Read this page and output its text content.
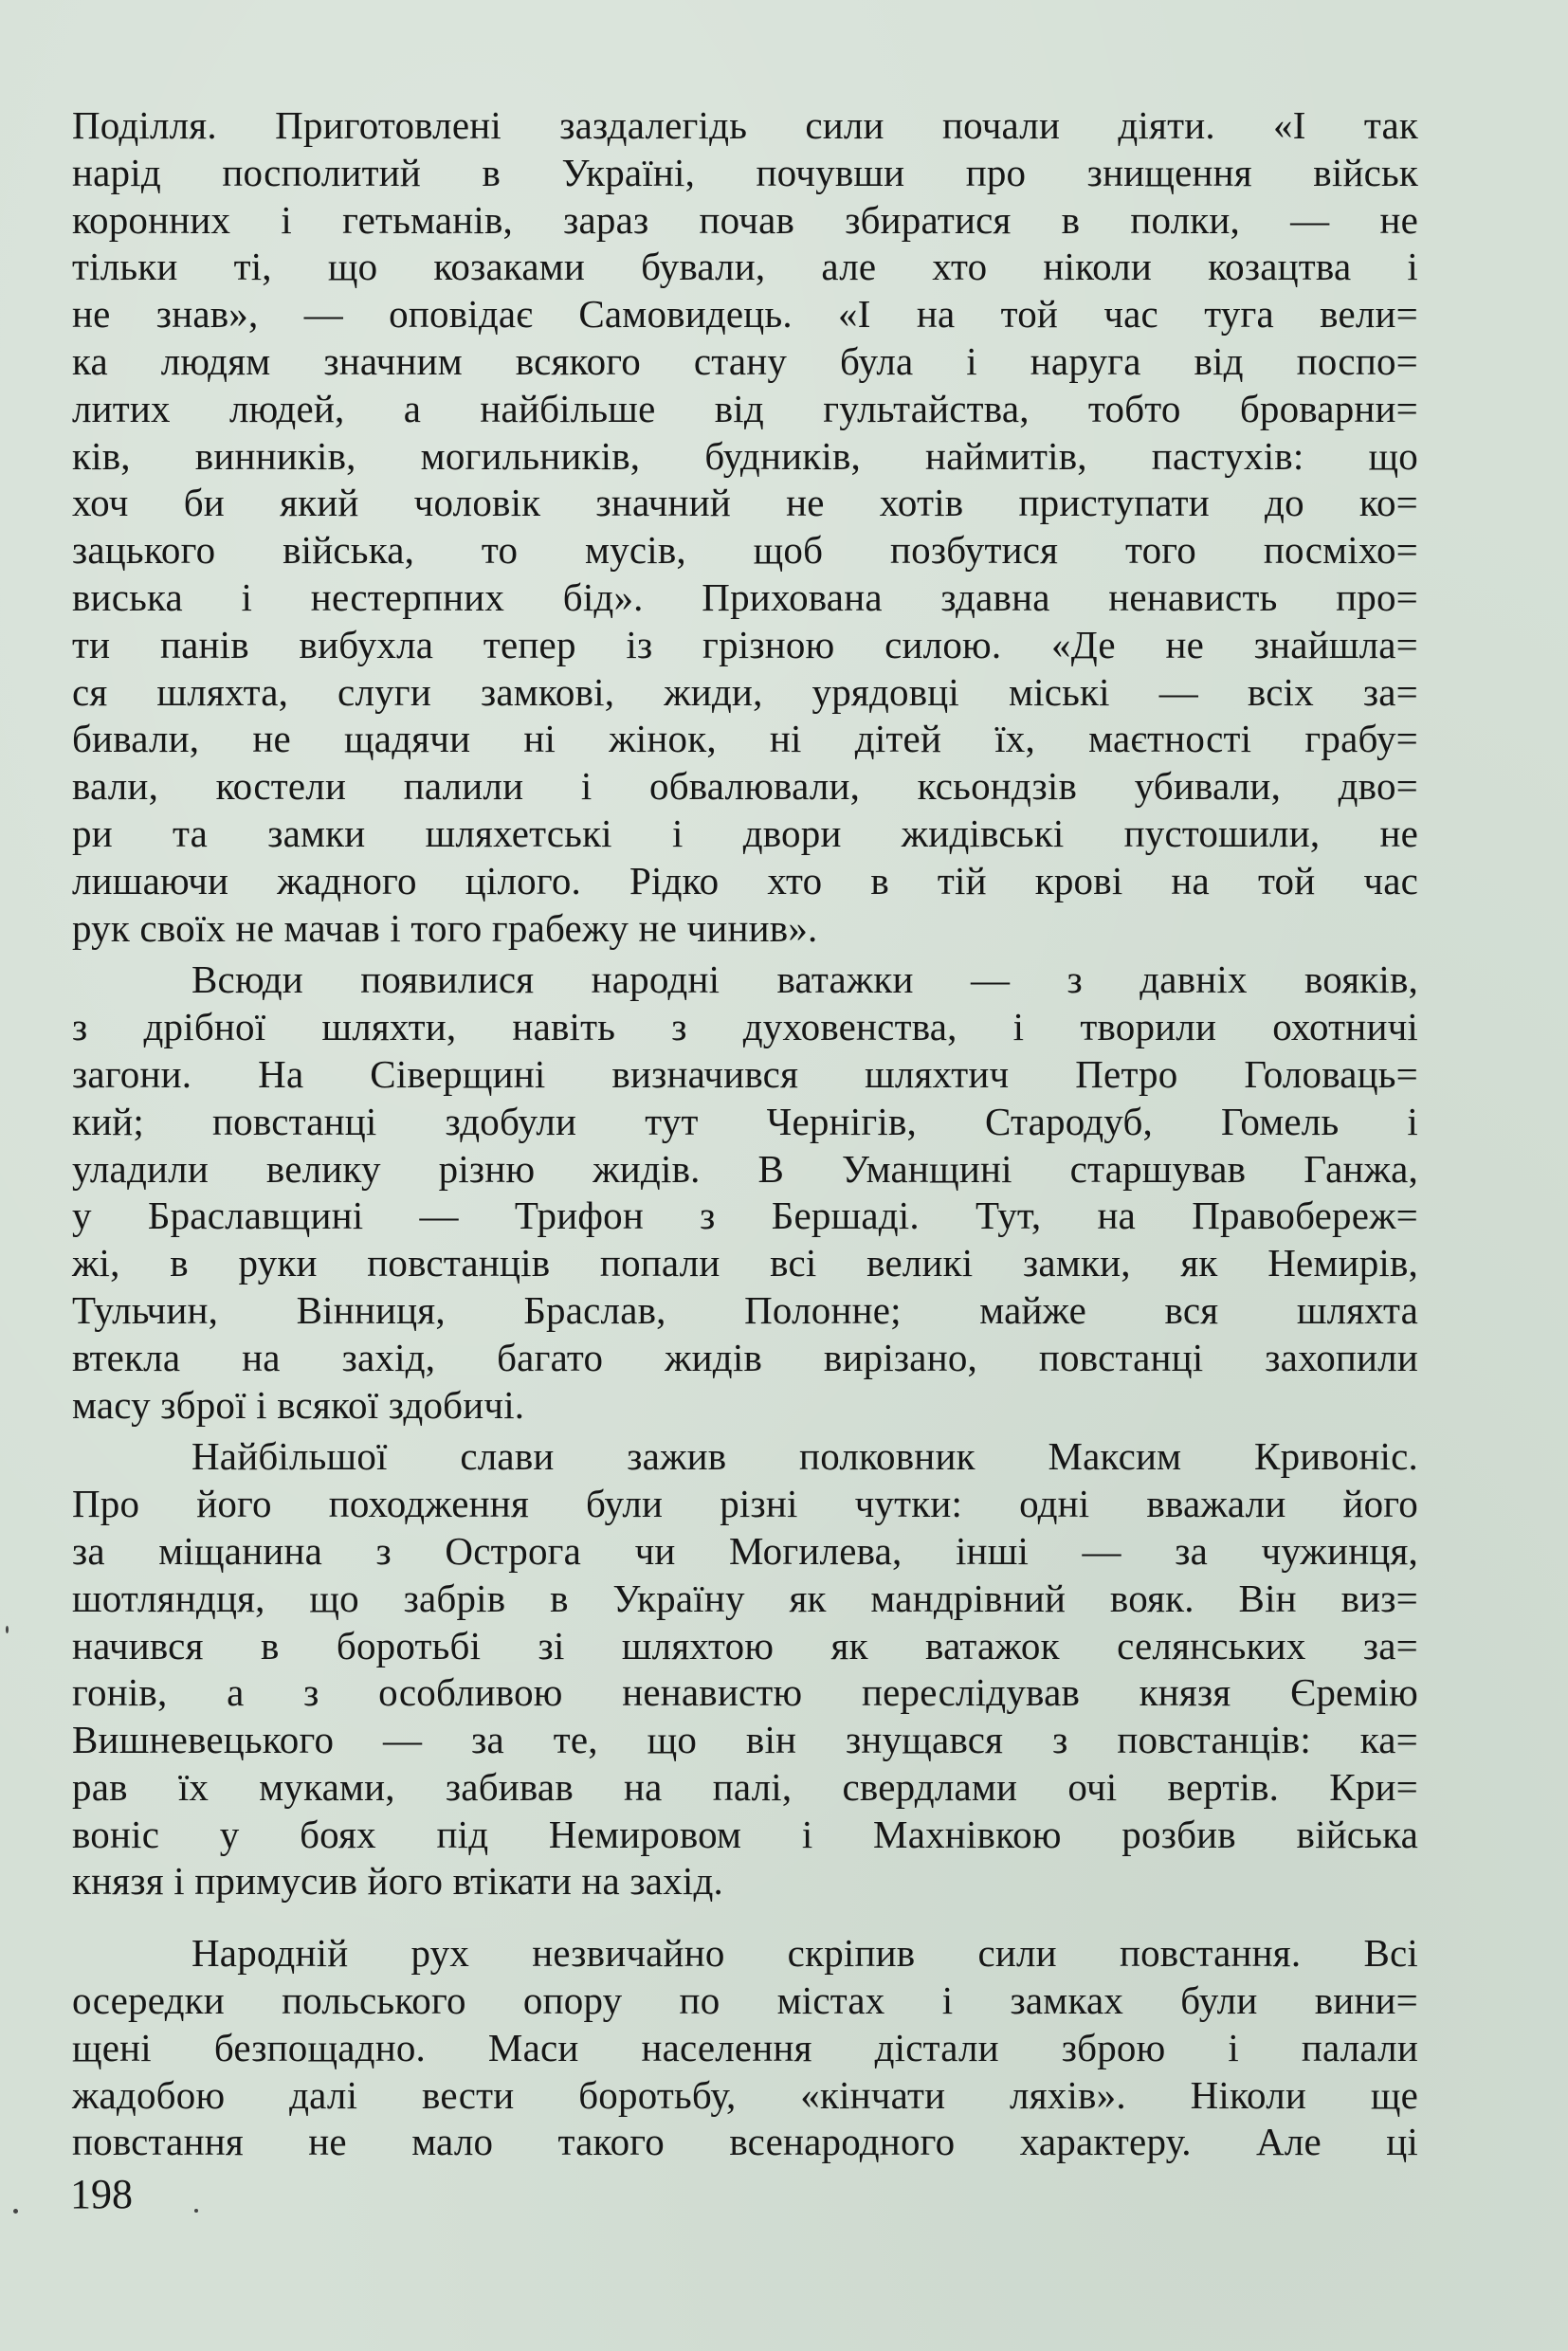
Поділля. Приготовлені заздалегідь сили почали діяти. «І так
нарід посполитий в Україні, почувши про знищення військ
коронних і гетьманів, зараз почав збиратися в полки, — не
тільки ті, що козаками бували, але хто ніколи козацтва і
не знав», — оповідає Самовидець. «І на той час туга вели=
ка людям значним всякого стану була і наруга від поспо=
литих людей, а найбільше від гультайства, тобто броварни=
ків, винників, могильників, будників, наймитів, пастухів: що
хоч би який чоловік значний не хотів приступати до ко=
зацького війська, то мусів, щоб позбутися того посміхо=
виська і нестерпних бід». Прихована здавна ненависть про=
ти панів вибухла тепер із грізною силою. «Де не знайшла=
ся шляхта, слуги замкові, жиди, урядовці міські — всіх за=
бивали, не щадячи ні жінок, ні дітей їх, маєтності грабу=
вали, костели палили і обвалювали, ксьондзів убивали, дво=
ри та замки шляхетські і двори жидівські пустошили, не
лишаючи жадного цілого. Рідко хто в тій крові на той час
рук своїх не мачав і того грабежу не чинив».
Всюди появилися народні ватажки — з давніх вояків,
з дрібної шляхти, навіть з духовенства, і творили охотничі
загони. На Сіверщині визначився шляхтич Петро Головаць=
кий; повстанці здобули тут Чернігів, Стародуб, Гомель і
уладили велику різню жидів. В Уманщині старшував Ганжа,
у Браславщині — Трифон з Бершаді. Тут, на Правобереж=
жі, в руки повстанців попали всі великі замки, як Немирів,
Тульчин, Вінниця, Браслав, Полонне; майже вся шляхта
втекла на захід, багато жидів вирізано, повстанці захопили
масу зброї і всякої здобичі.
Найбільшої слави зажив полковник Максим Кривоніс.
Про його походження були різні чутки: одні вважали його
за міщанина з Острога чи Могилева, інші — за чужинця,
шотляндця, що забрів в Україну як мандрівний вояк. Він виз=
начився в боротьбі зі шляхтою як ватажок селянських за=
гонів, а з особливою ненавистю переслідував князя Єремію
Вишневецького — за те, що він знущався з повстанців: ка=
рав їх муками, забивав на палі, свердлами очі вертів. Кри=
воніс у боях під Немировом і Махнівкою розбив війська
князя і примусив його втікати на захід.
Народній рух незвичайно скріпив сили повстання. Всі
осередки польського опору по містах і замках були вини=
щені безпощадно. Маси населення дістали зброю і палали
жадобою далі вести боротьбу, «кінчати ляхів». Ніколи ще
повстання не мало такого всенародного характеру. Але ці
198
